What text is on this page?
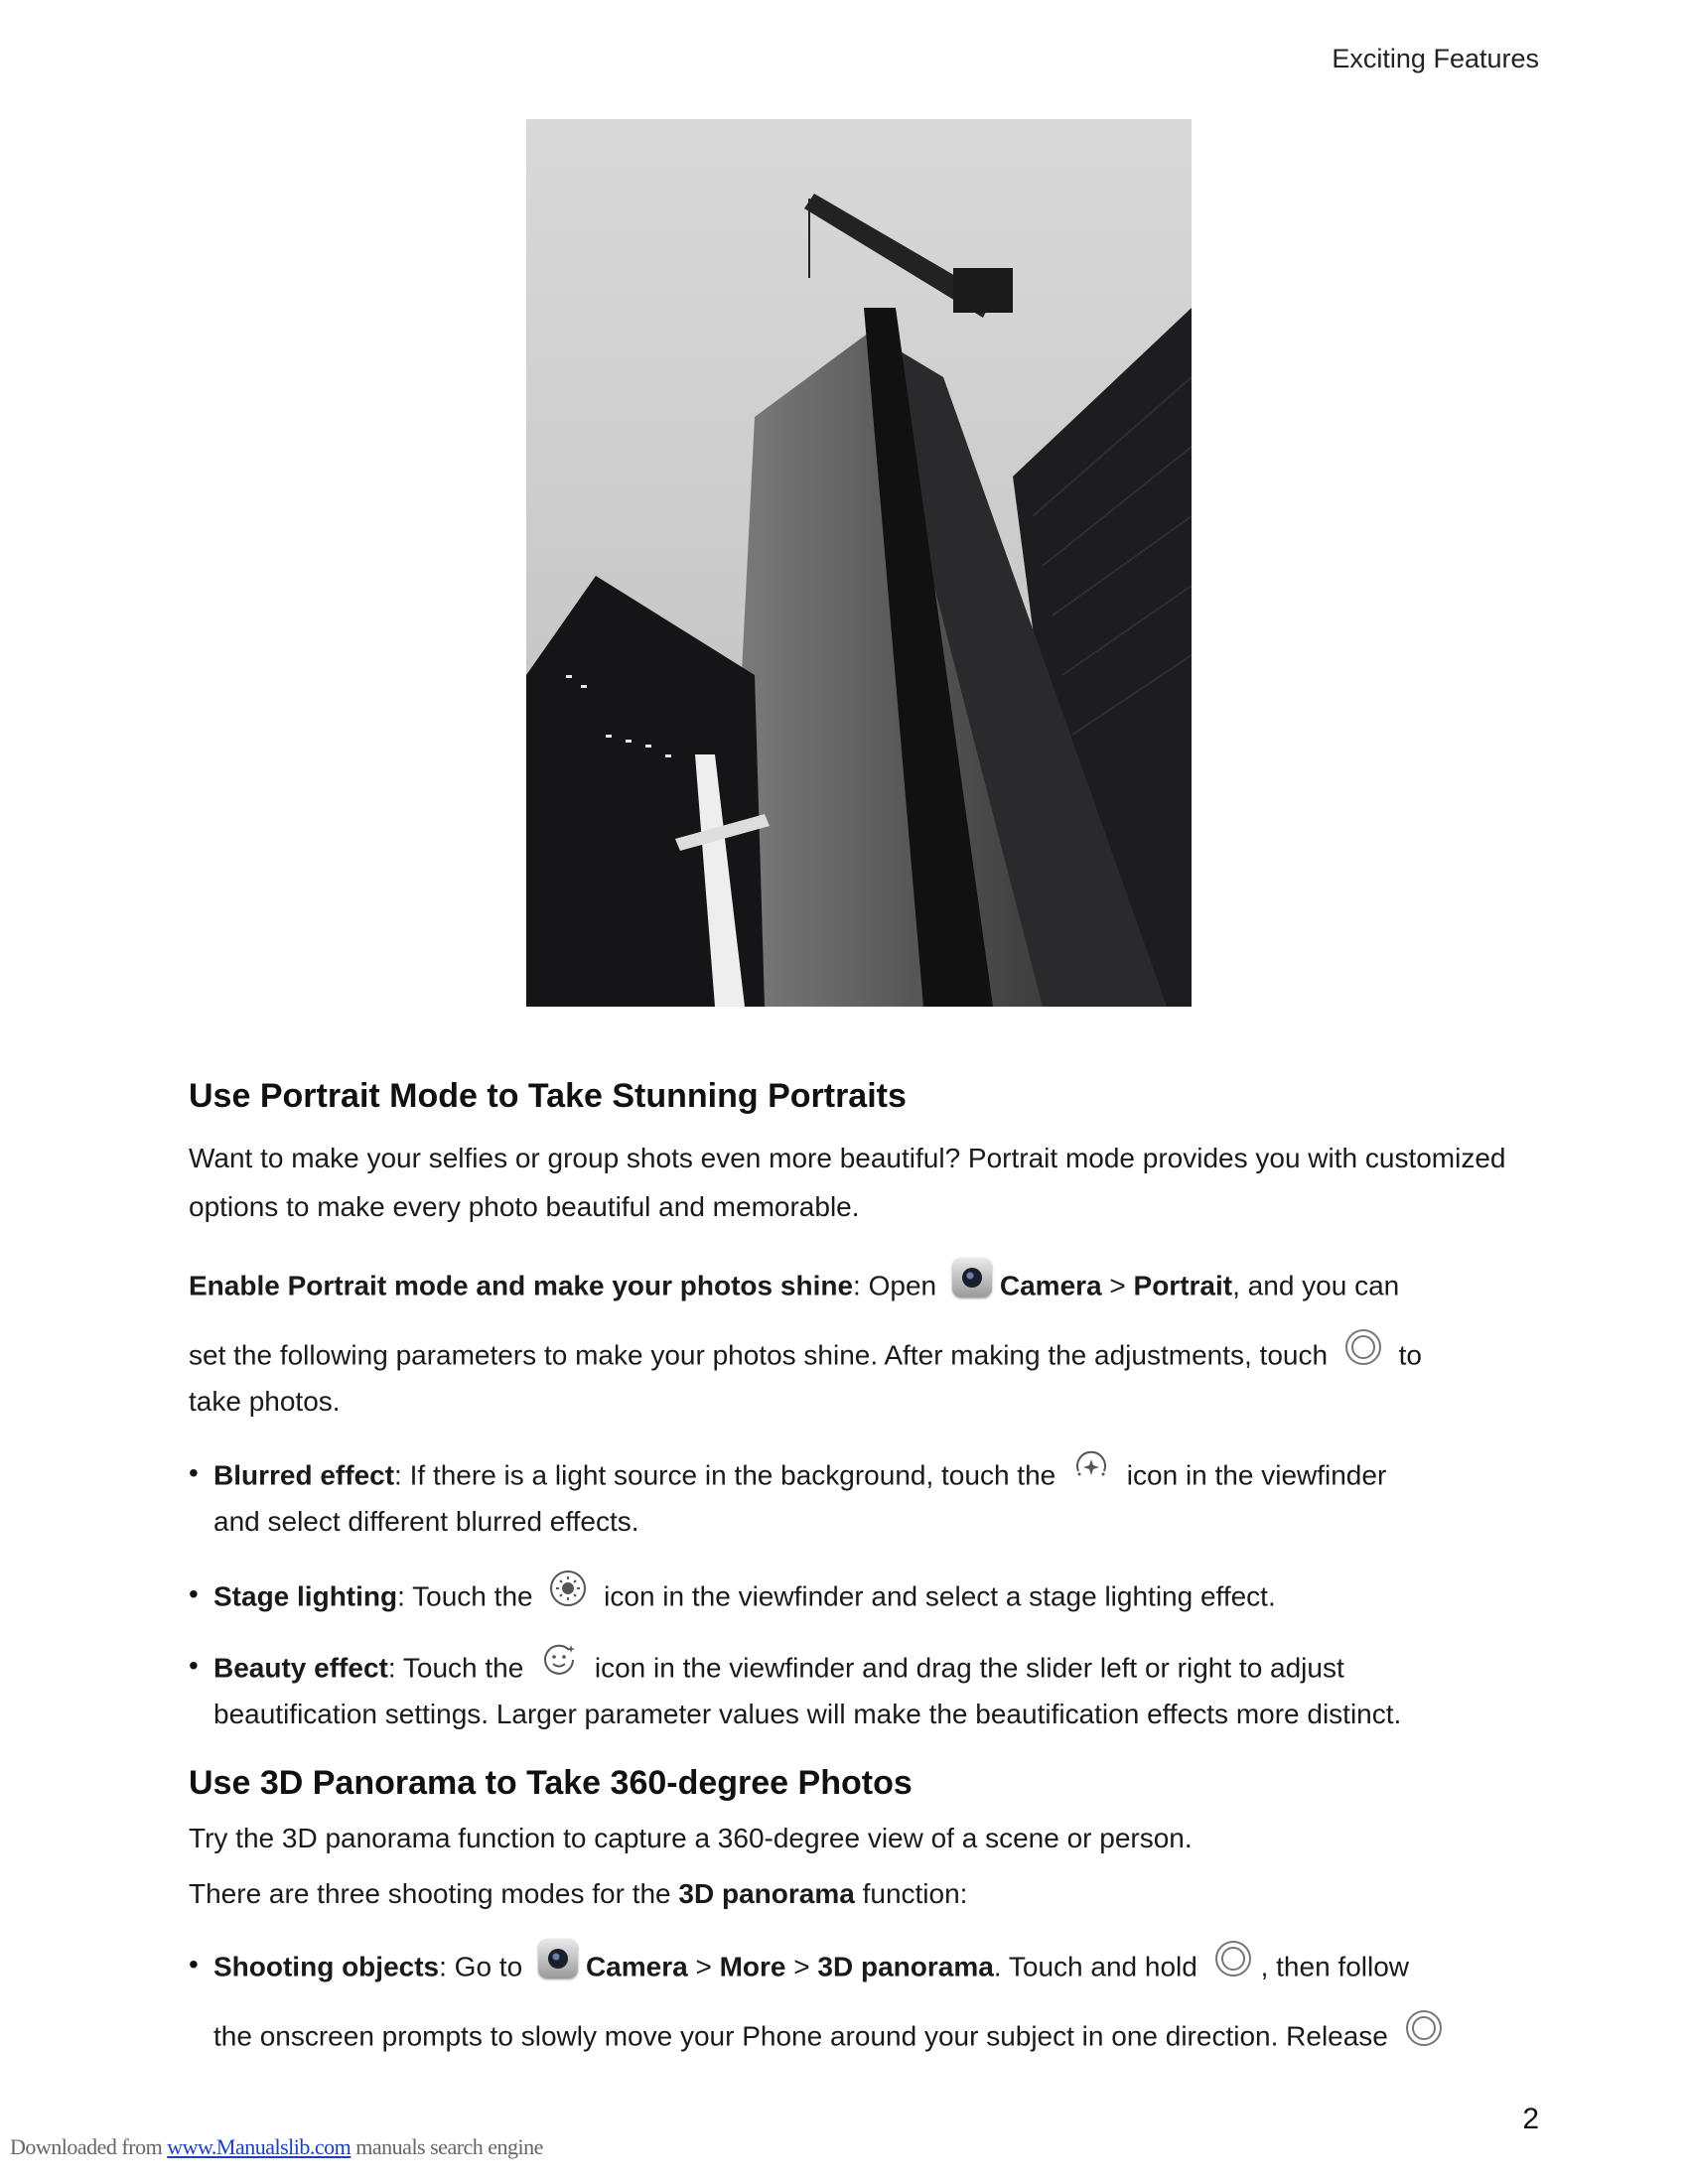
Exciting Features
Use Portrait Mode to Take Stunning Portraits
Want to make your selfies or group shots even more beautiful? Portrait mode provides you with customized options to make every photo beautiful and memorable.
Enable Portrait mode and make your photos shine: Open Camera > Portrait, and you can
set the following parameters to make your photos shine. After making the adjustments, touch	to
take photos.
• Blurred effect: If there is a light source in the background, touch the	icon in the viewfinder
and select different blurred effects.
• Stage lighting: Touch the	icon in the viewfinder and select a stage lighting effect.
• Beauty effect: Touch the	icon in the viewfinder and drag the slider left or right to adjust
beautification settings. Larger parameter values will make the beautification effects more distinct.
Use 3D Panorama to Take 360-degree Photos
Try the 3D panorama function to capture a 360-degree view of a scene or person.
There are three shooting modes for the 3D panorama function:
• Shooting objects: Go to Camera > More > 3D panorama. Touch and hold , then follow
the onscreen prompts to slowly move your Phone around your subject in one direction. Release
2
Downloaded from www.Manualslib.com manuals search engine
